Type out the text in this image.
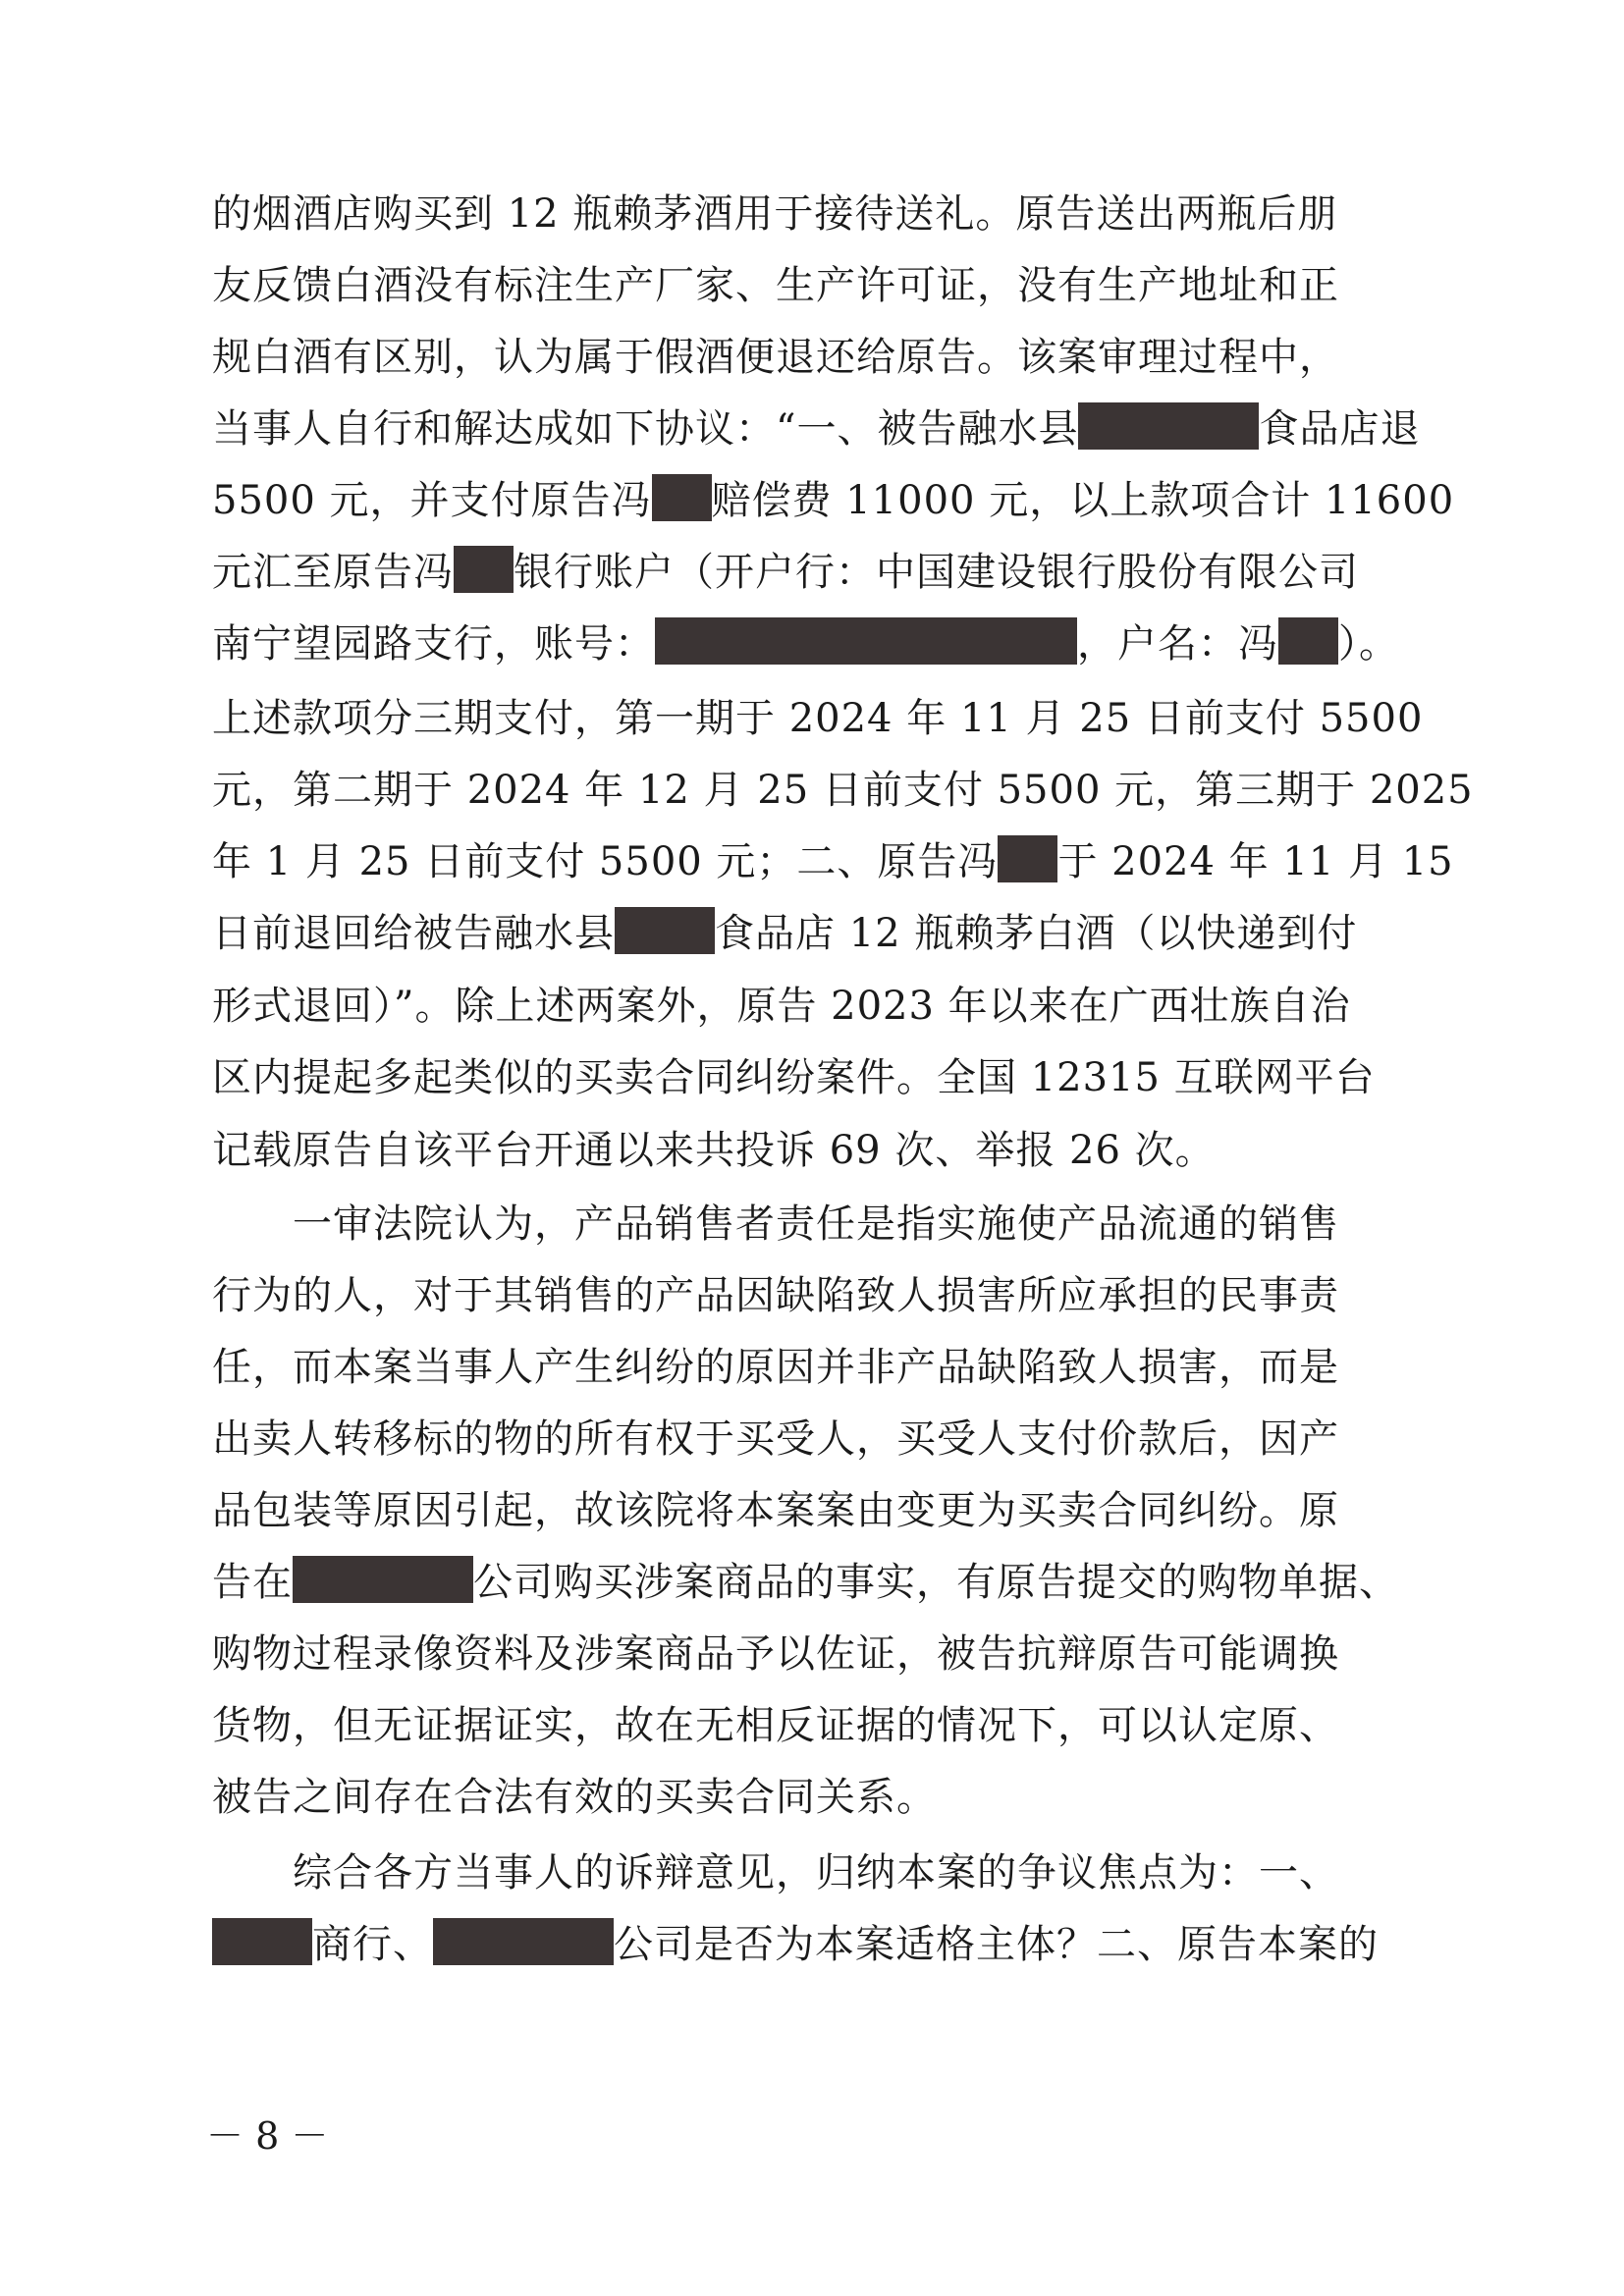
的烟酒店购买到 12 瓶赖茅酒用于接待送礼。原告送出两瓶后朋
友反馈白酒没有标注生产厂家、生产许可证，没有生产地址和正
规白酒有区别，认为属于假酒便退还给原告。该案审理过程中，
当事人自行和解达成如下协议：“一、被告融水县	食品店退
5500 元，并支付原告冯 赔偿费 11000 元，以上款项合计 11600
元汇至原告冯 银行账户（开户行：中国建设银行股份有限公司
南宁望园路支行，账号：	，户名：冯 ）。
上述款项分三期支付，第一期于 2024 年 11 月 25 日前支付 5500
元，第二期于 2024 年 12 月 25 日前支付 5500 元，第三期于 2025
年 1 月 25 日前支付 5500 元；二、原告冯 于 2024 年 11 月 15
日前退回给被告融水县	食品店 12 瓶赖茅白酒（以快递到付
形式退回）”。除上述两案外，原告 2023 年以来在广西壮族自治
区内提起多起类似的买卖合同纠纷案件。全国 12315 互联网平台
记载原告自该平台开通以来共投诉 69 次、举报 26 次。
　　一审法院认为，产品销售者责任是指实施使产品流通的销售
行为的人，对于其销售的产品因缺陷致人损害所应承担的民事责
任，而本案当事人产生纠纷的原因并非产品缺陷致人损害，而是
出卖人转移标的物的所有权于买受人，买受人支付价款后，因产
品包装等原因引起，故该院将本案案由变更为买卖合同纠纷。原
告在	公司购买涉案商品的事实，有原告提交的购物单据、
购物过程录像资料及涉案商品予以佐证，被告抗辩原告可能调换
货物，但无证据证实，故在无相反证据的情况下，可以认定原、
被告之间存在合法有效的买卖合同关系。
　　综合各方当事人的诉辩意见，归纳本案的争议焦点为：一、
商行、	公司是否为本案适格主体？二、原告本案的
－ 8 －
